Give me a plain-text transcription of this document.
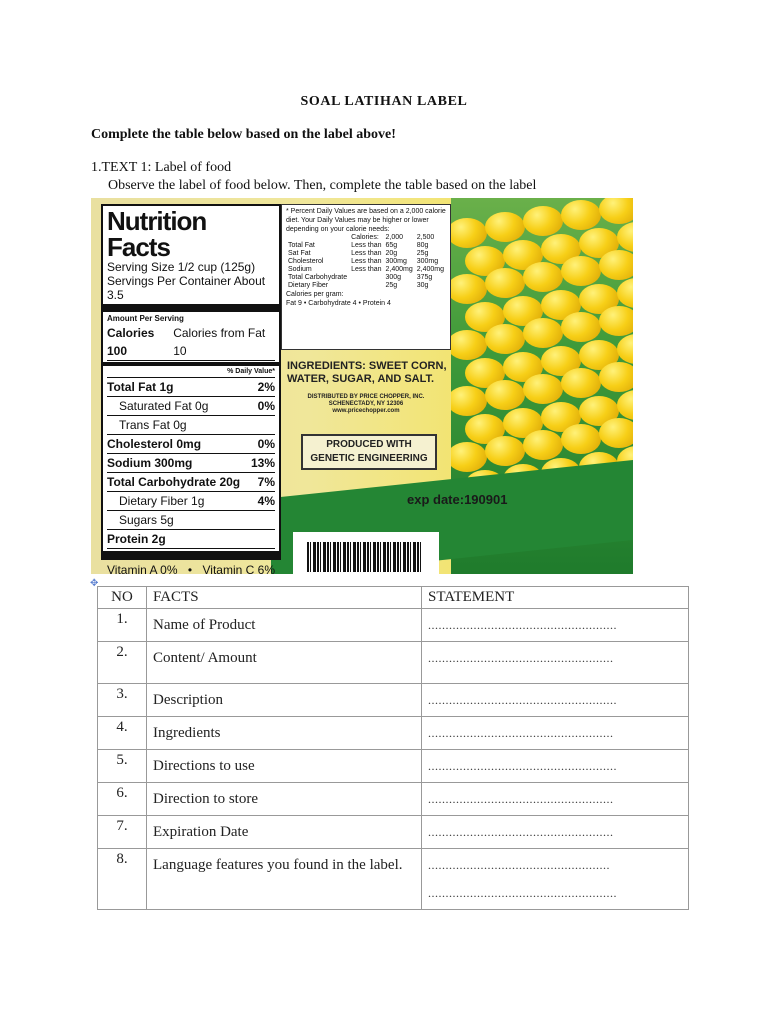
SOAL LATIHAN LABEL
Complete the table below based on the label above!
1.TEXT 1: Label of food
Observe the label of food below. Then, complete the table based on the label
Nutrition Facts
Serving Size 1/2 cup (125g)
Servings Per Container About 3.5
Amount Per Serving
Calories 100
Calories from Fat 10
% Daily Value*
Total Fat 1g	2%
Saturated Fat 0g	0%
Trans Fat 0g
Cholesterol 0mg	0%
Sodium 300mg	13%
Total Carbohydrate 20g 7%
Dietary Fiber 1g	4%
Sugars 5g
Protein 2g
Vitamin A 0% • Vitamin C 6%
* Percent Daily Values are based on a 2,000 calorie diet. Your Daily Values may be higher or lower depending on your calorie needs:
	Calories:	2,000	2,500
Total Fat	Less than	65g	80g
Sat Fat	Less than	20g	25g
Cholesterol	Less than	300mg	300mg
Sodium	Less than	2,400mg	2,400mg
Total Carbohydrate		300g	375g
Dietary Fiber		25g	30g
Calories per gram:
Fat 9 • Carbohydrate 4 • Protein 4
INGREDIENTS: SWEET CORN, WATER, SUGAR, AND SALT.
DISTRIBUTED BY PRICE CHOPPER, INC.
SCHENECTADY, NY 12306
www.pricechopper.com
PRODUCED WITH GENETIC ENGINEERING
exp date:190901
✥
NO	FACTS	STATEMENT
1.	Name of Product	......................................................

2.	Content/ Amount	.....................................................

3.	Description	......................................................

4.	Ingredients	.....................................................

5.	Directions to use	......................................................

6.	Direction to store	.....................................................

7.	Expiration Date	.....................................................

8.	Language features you found in the label.	....................................................
......................................................
